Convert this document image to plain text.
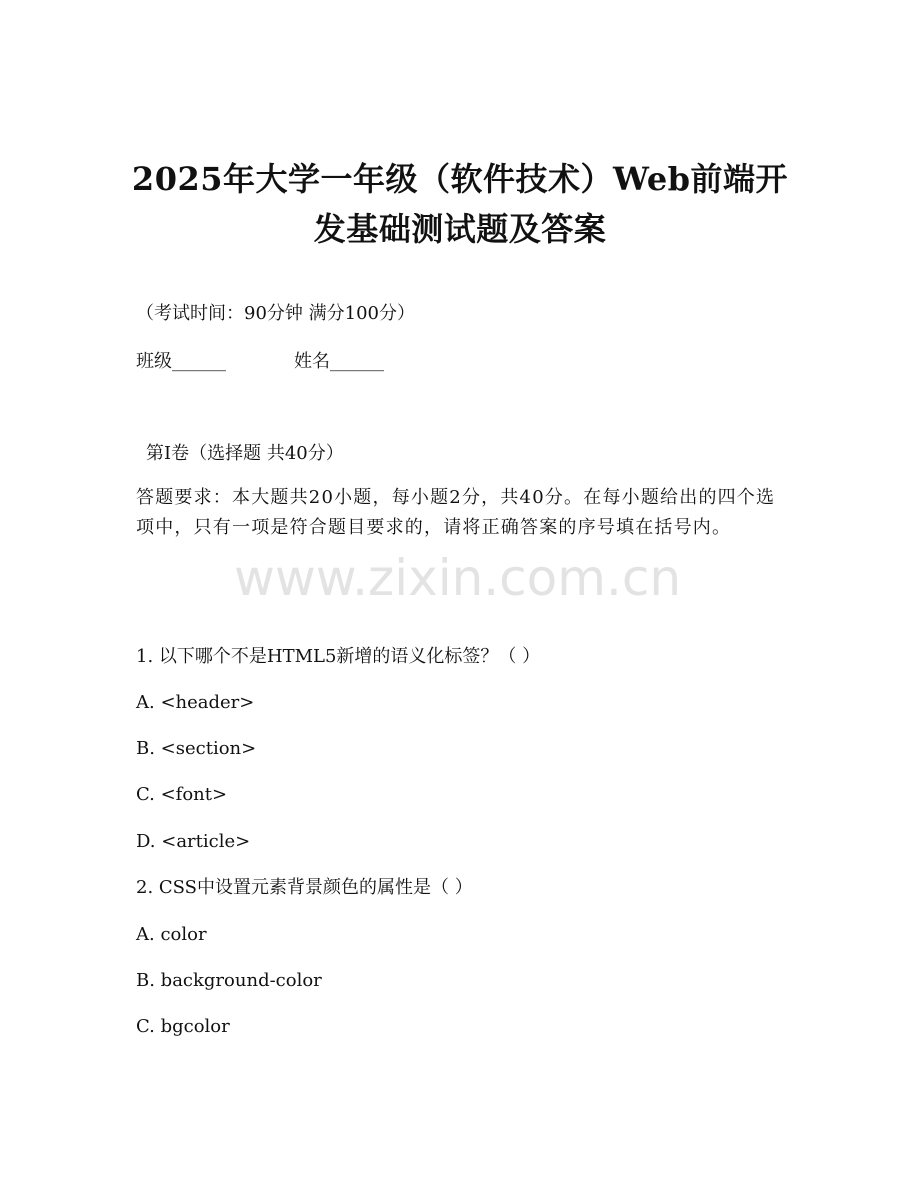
2025年大学一年级（软件技术）Web前端开
发基础测试题及答案
（考试时间：90分钟 满分100分）
班级______	姓名______
第Ⅰ卷（选择题 共40分）
答题要求：本大题共20小题，每小题2分，共40分。在每小题给出的四个选项中，只有一项是符合题目要求的，请将正确答案的序号填在括号内。
www.zixin.com.cn
1. 以下哪个不是HTML5新增的语义化标签？（ ）
A. <header>
B. <section>
C. <font>
D. <article>
2. CSS中设置元素背景颜色的属性是（ ）
A. color
B. background-color
C. bgcolor
